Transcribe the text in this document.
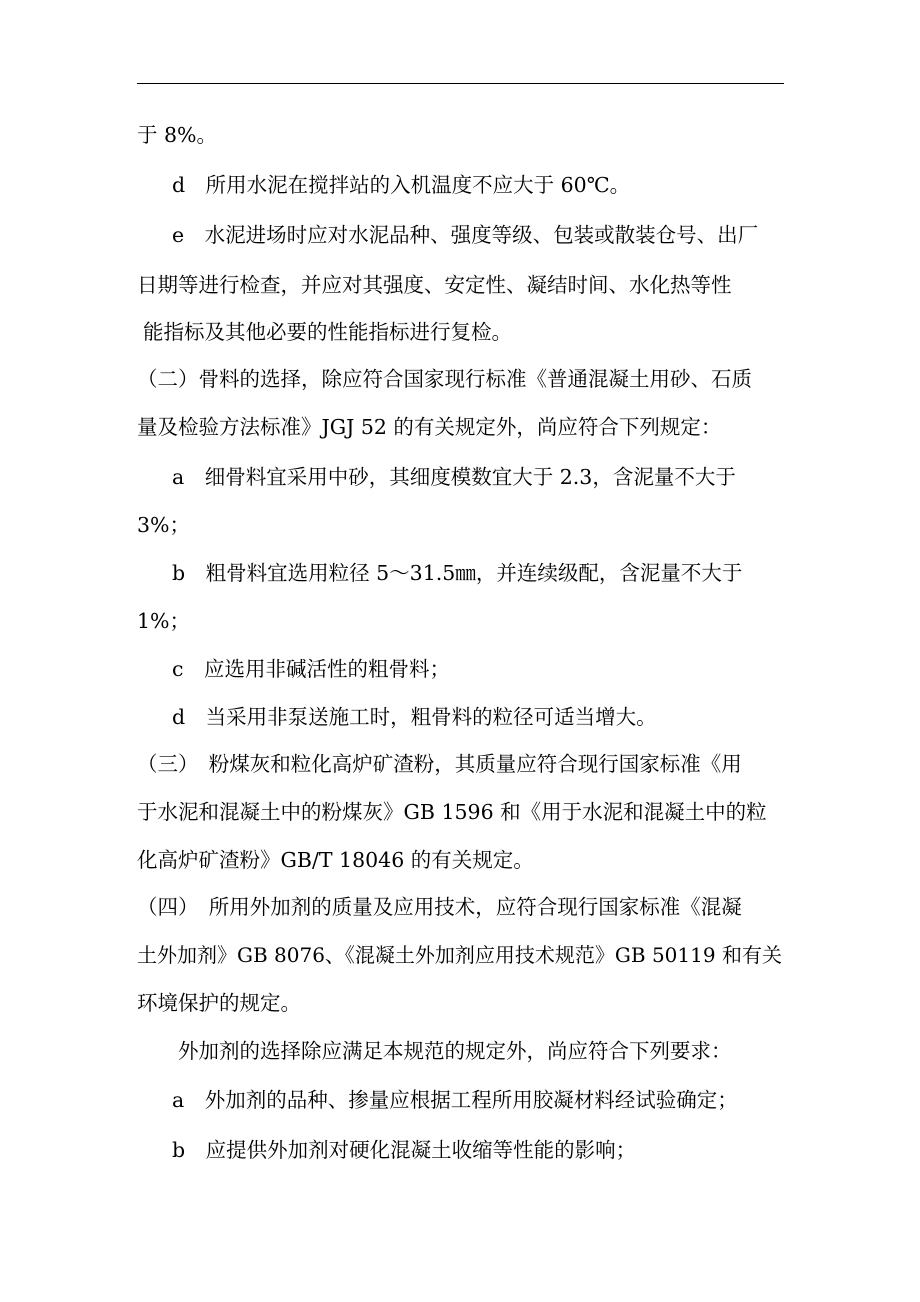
于 8%。
d　所用水泥在搅拌站的入机温度不应大于 60℃。
e　水泥进场时应对水泥品种、强度等级、包装或散装仓号、出厂
日期等进行检查，并应对其强度、安定性、凝结时间、水化热等性
能指标及其他必要的性能指标进行复检。
（二）骨料的选择，除应符合国家现行标准《普通混凝土用砂、石质
量及检验方法标准》JGJ 52 的有关规定外，尚应符合下列规定：
a　细骨料宜采用中砂，其细度模数宜大于 2.3，含泥量不大于
3%；
b　粗骨料宜选用粒径 5～31.5㎜，并连续级配，含泥量不大于
1%；
c　应选用非碱活性的粗骨料；
d　当采用非泵送施工时，粗骨料的粒径可适当增大。
（三）　粉煤灰和粒化高炉矿渣粉，其质量应符合现行国家标准《用
于水泥和混凝土中的粉煤灰》GB 1596 和《用于水泥和混凝土中的粒
化高炉矿渣粉》GB/T 18046 的有关规定。
（四）　所用外加剂的质量及应用技术，应符合现行国家标准《混凝
土外加剂》GB 8076、《混凝土外加剂应用技术规范》GB 50119 和有关
环境保护的规定。
外加剂的选择除应满足本规范的规定外，尚应符合下列要求：
a　外加剂的品种、掺量应根据工程所用胶凝材料经试验确定；
b　应提供外加剂对硬化混凝土收缩等性能的影响；
